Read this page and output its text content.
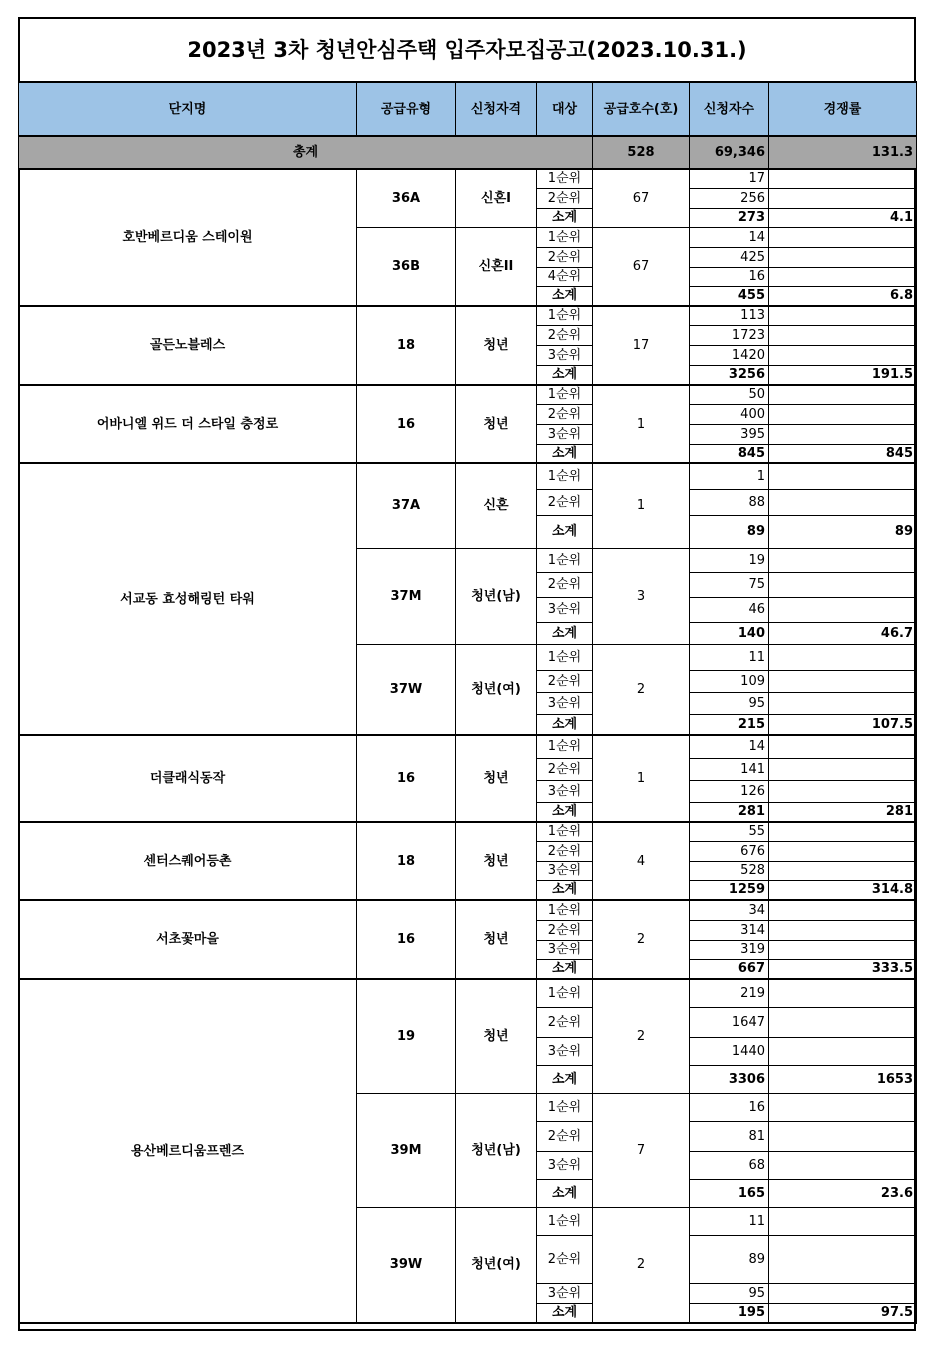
2023년 3차 청년안심주택 입주자모집공고(2023.10.31.)
단지명	공급유형	신청자격	대상	공급호수(호)	신청자수	경쟁률
총계				528	69,346	131.3
호반베르디움 스테이원	36A	신혼I	1순위	67	17	
			2순위		256	
			소계		273	4.1
	36B	신혼II	1순위	67	14	
			2순위		425	
			4순위		16	
			소계		455	6.8
골든노블레스	18	청년	1순위	17	113	
			2순위		1723	
			3순위		1420	
			소계		3256	191.5
어바니엘 위드 더 스타일 충정로	16	청년	1순위	1	50	
			2순위		400	
			3순위		395	
			소계		845	845
서교동 효성해링턴 타워	37A	신혼	1순위	1	1	
			2순위		88	
			소계		89	89
	37M	청년(남)	1순위	3	19	
			2순위		75	
			3순위		46	
			소계		140	46.7
	37W	청년(여)	1순위	2	11	
			2순위		109	
			3순위		95	
			소계		215	107.5
더클래식동작	16	청년	1순위	1	14	
			2순위		141	
			3순위		126	
			소계		281	281
센터스퀘어등촌	18	청년	1순위	4	55	
			2순위		676	
			3순위		528	
			소계		1259	314.8
서초꽃마을	16	청년	1순위	2	34	
			2순위		314	
			3순위		319	
			소계		667	333.5
용산베르디움프렌즈	19	청년	1순위	2	219	
			2순위		1647	
			3순위		1440	
			소계		3306	1653
	39M	청년(남)	1순위	7	16	
			2순위		81	
			3순위		68	
			소계		165	23.6
	39W	청년(여)	1순위	2	11	
			2순위		89	
			3순위		95	
			소계		195	97.5
